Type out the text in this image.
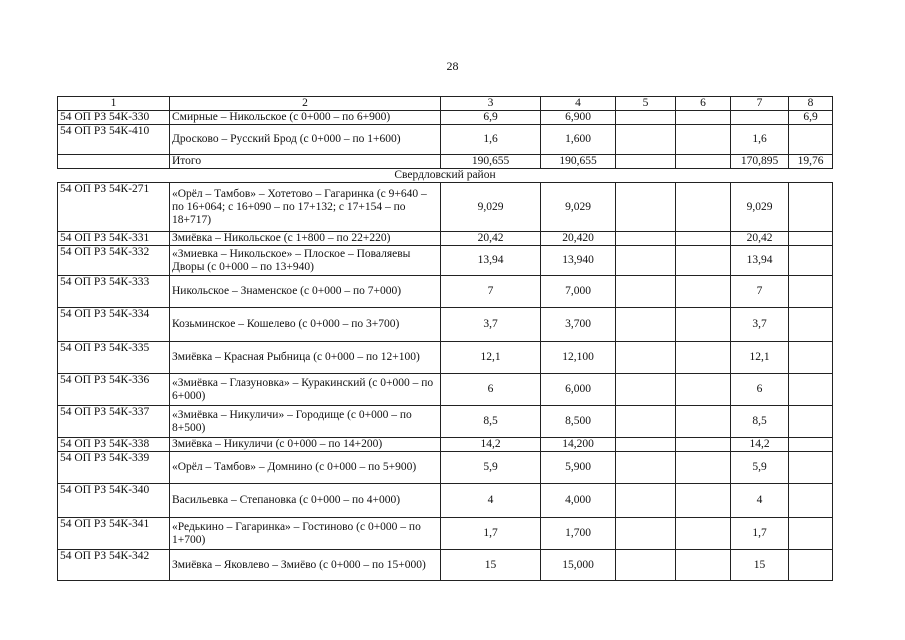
28
1	2	3	4	5	6	7	8
54 ОП РЗ 54К-330	Смирные – Никольское (с 0+000 – по 6+900)	6,9	6,900				6,9
54 ОП РЗ 54К-410	Дросково – Русский Брод (с 0+000 – по 1+600)	1,6	1,600			1,6	
	Итого	190,655	190,655			170,895	19,76
Свердловский район							
54 ОП РЗ 54К-271	«Орёл – Тамбов» – Хотетово – Гагаринка (с 9+640 – по 16+064; с 16+090 – по 17+132; с 17+154 – по 18+717)	9,029	9,029			9,029	
54 ОП РЗ 54К-331	Змиёвка – Никольское (с 1+800 – по 22+220)	20,42	20,420			20,42	
54 ОП РЗ 54К-332	«Змиевка – Никольское» – Плоское – Поваляевы Дворы (с 0+000 – по 13+940)	13,94	13,940			13,94	
54 ОП РЗ 54К-333	Никольское – Знаменское (с 0+000 – по 7+000)	7	7,000			7	
54 ОП РЗ 54К-334	Козьминское – Кошелево (с 0+000 – по 3+700)	3,7	3,700			3,7	
54 ОП РЗ 54К-335	Змиёвка – Красная Рыбница (с 0+000 – по 12+100)	12,1	12,100			12,1	
54 ОП РЗ 54К-336	«Змиёвка – Глазуновка» – Куракинский (с 0+000 – по 6+000)	6	6,000			6	
54 ОП РЗ 54К-337	«Змиёвка – Никуличи» – Городище (с 0+000 – по 8+500)	8,5	8,500			8,5	
54 ОП РЗ 54К-338	Змиёвка – Никуличи (с 0+000 – по 14+200)	14,2	14,200			14,2	
54 ОП РЗ 54К-339	«Орёл – Тамбов» – Домнино (с 0+000 – по 5+900)	5,9	5,900			5,9	
54 ОП РЗ 54К-340	Васильевка – Степановка (с 0+000 – по 4+000)	4	4,000			4	
54 ОП РЗ 54К-341	«Редькино – Гагаринка» – Гостиново (с 0+000 – по 1+700)	1,7	1,700			1,7	
54 ОП РЗ 54К-342	Змиёвка – Яковлево – Змиёво (с 0+000 – по 15+000)	15	15,000			15	
